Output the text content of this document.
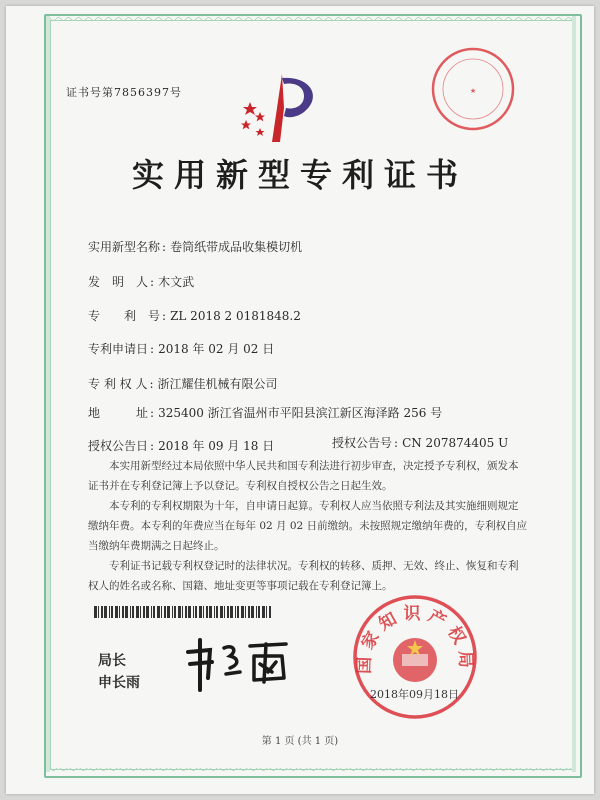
证书号第7856397号
实用新型专利证书
实用新型名称 : 卷筒纸带成品收集模切机
发　明　人 : 木文武
专　　利　号 : ZL 2018 2 0181848.2
专利申请日 : 2018 年 02 月 02 日
专 利 权 人 : 浙江耀佳机械有限公司
地　　　址 : 325400 浙江省温州市平阳县滨江新区海泽路 256 号
授权公告日 : 2018 年 09 月 18 日	授权公告号 : CN 207874405 U

本实用新型经过本局依照中华人民共和国专利法进行初步审查，决定授予专利权，颁发本证书并在专利登记簿上予以登记。专利权自授权公告之日起生效。

本专利的专利权期限为十年，自申请日起算。专利权人应当依照专利法及其实施细则规定缴纳年费。本专利的年费应当在每年 02 月 02 日前缴纳。未按照规定缴纳年费的，专利权自应当缴纳年费期满之日起终止。

专利证书记载专利权登记时的法律状况。专利权的转移、质押、无效、终止、恢复和专利权人的姓名或名称、国籍、地址变更等事项记载在专利登记簿上。

局长
申长雨
国家知识产权局
2018年09月18日
★
第 1 页 (共 1 页)
